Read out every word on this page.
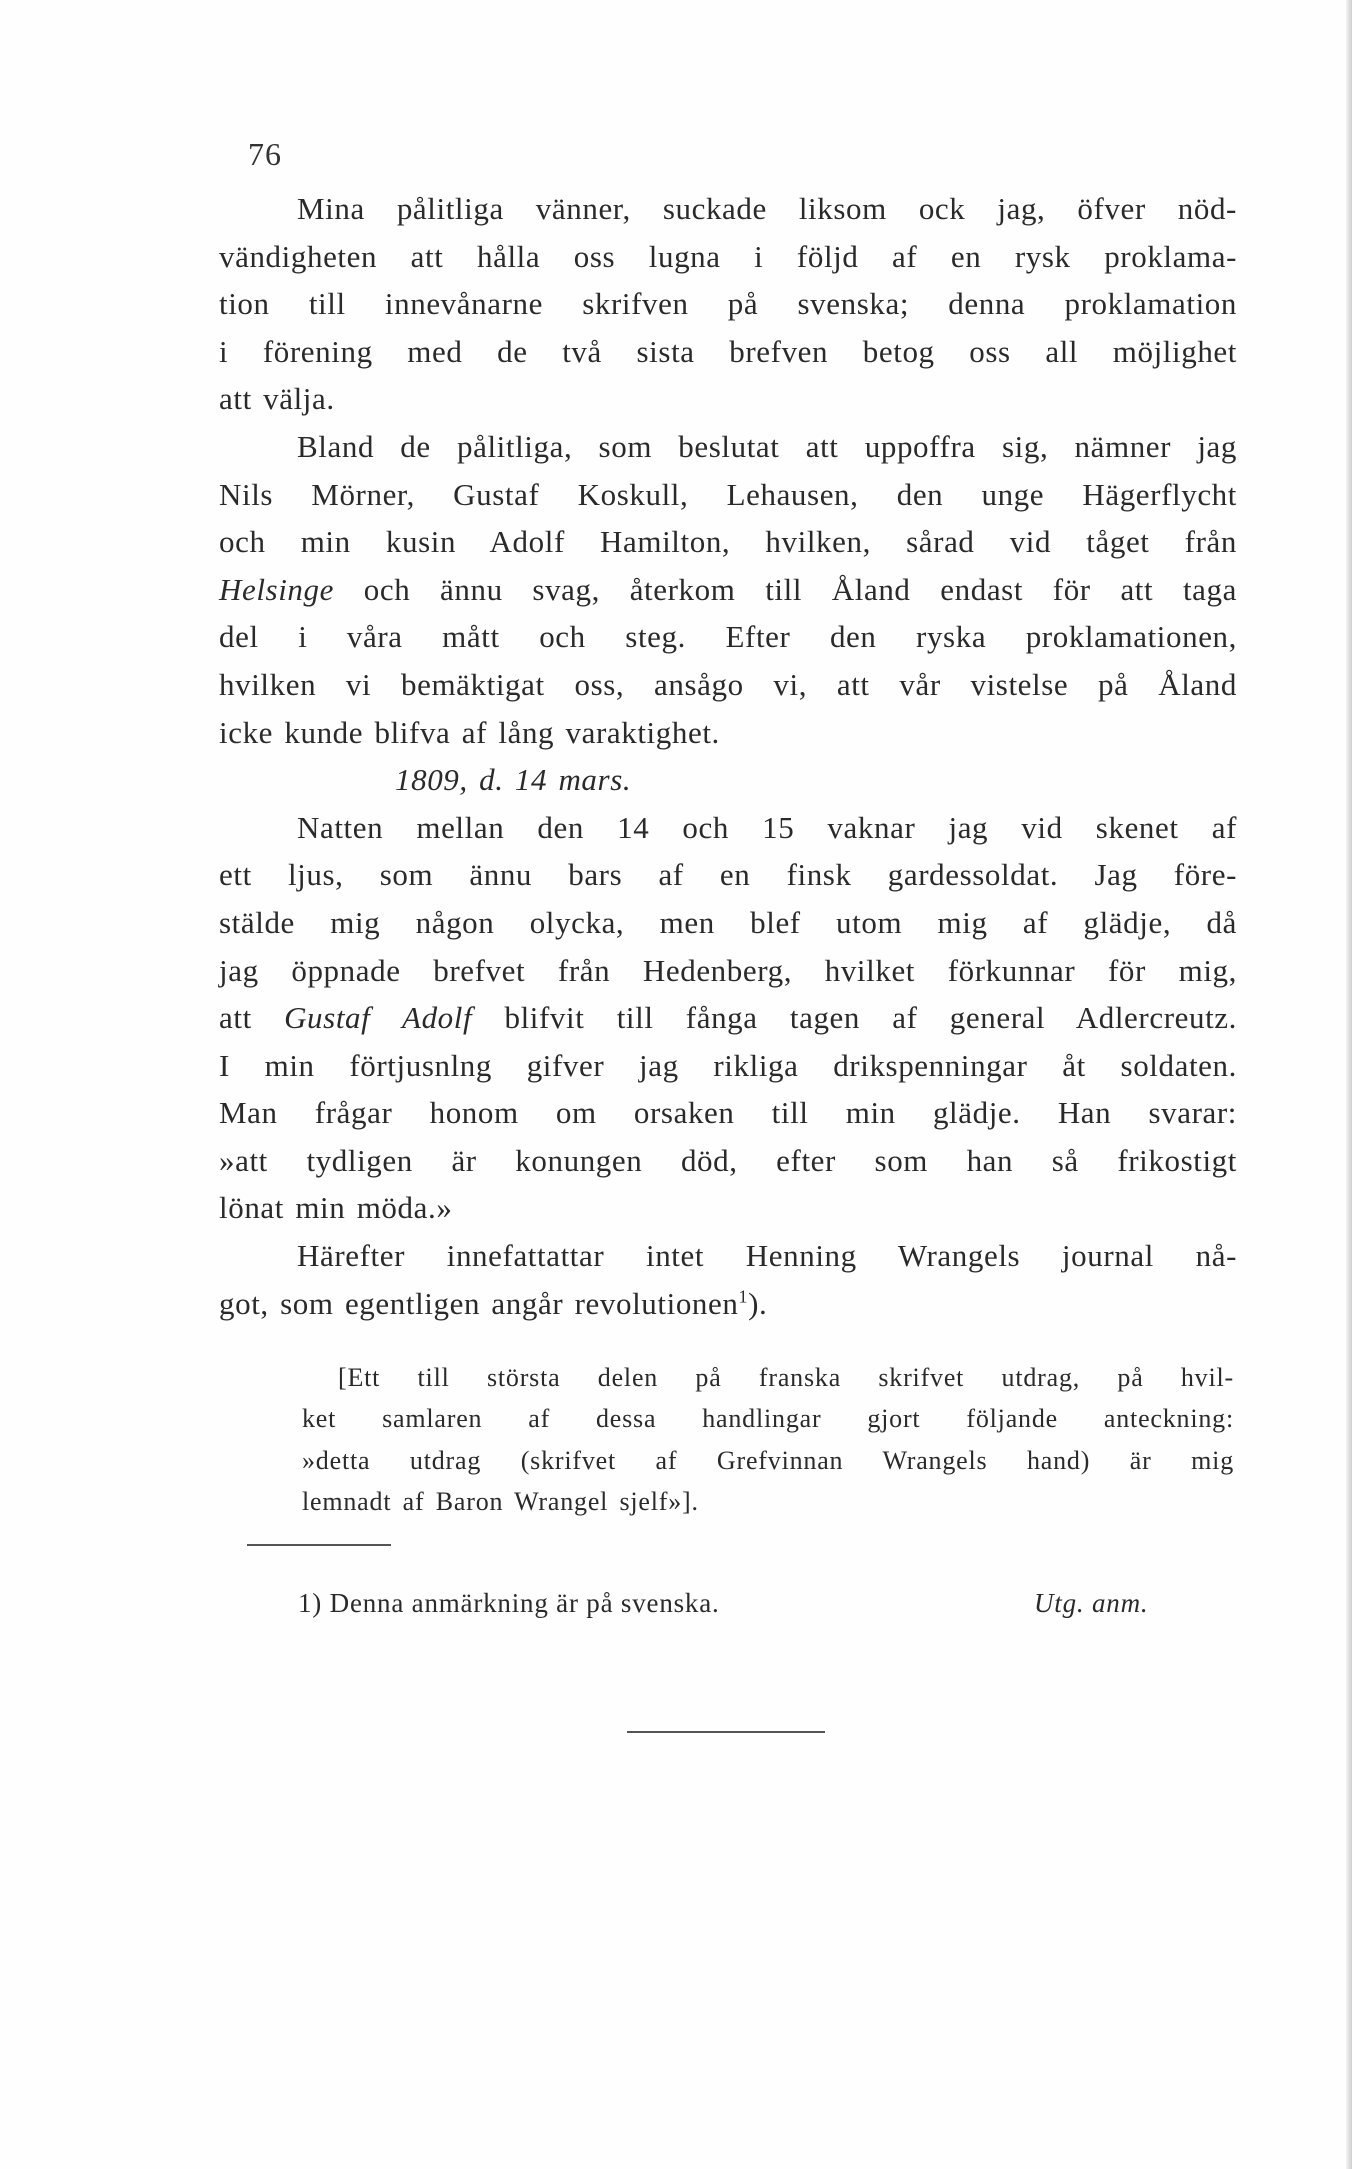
76
Mina pålitliga vänner, suckade liksom ock jag, öfver nöd-
vändigheten att hålla oss lugna i följd af en rysk proklama-
tion till innevånarne skrifven på svenska; denna proklamation
i förening med de två sista brefven betog oss all möjlighet
att välja.
Bland de pålitliga, som beslutat att uppoffra sig, nämner jag
Nils Mörner, Gustaf Koskull, Lehausen, den unge Hägerflycht
och min kusin Adolf Hamilton, hvilken, sårad vid tåget från
Helsinge och ännu svag, återkom till Åland endast för att taga
del i våra mått och steg. Efter den ryska proklamationen,
hvilken vi bemäktigat oss, ansågo vi, att vår vistelse på Åland
icke kunde blifva af lång varaktighet.
1809, d. 14 mars.
Natten mellan den 14 och 15 vaknar jag vid skenet af
ett ljus, som ännu bars af en finsk gardessoldat. Jag före-
stälde mig någon olycka, men blef utom mig af glädje, då
jag öppnade brefvet från Hedenberg, hvilket förkunnar för mig,
att Gustaf Adolf blifvit till fånga tagen af general Adlercreutz.
I min förtjusnlng gifver jag rikliga drikspenningar åt soldaten.
Man frågar honom om orsaken till min glädje. Han svarar:
»att tydligen är konungen död, efter som han så frikostigt
lönat min möda.»
Härefter innefattattar intet Henning Wrangels journal nå-
got, som egentligen angår revolutionen$^1$).
[Ett till största delen på franska skrifvet utdrag, på hvil-
ket samlaren af dessa handlingar gjort följande anteckning:
»detta utdrag (skrifvet af Grefvinnan Wrangels hand) är mig
lemnadt af Baron Wrangel sjelf»].
1) Denna anmärkning är på svenska.	Utg. anm.
